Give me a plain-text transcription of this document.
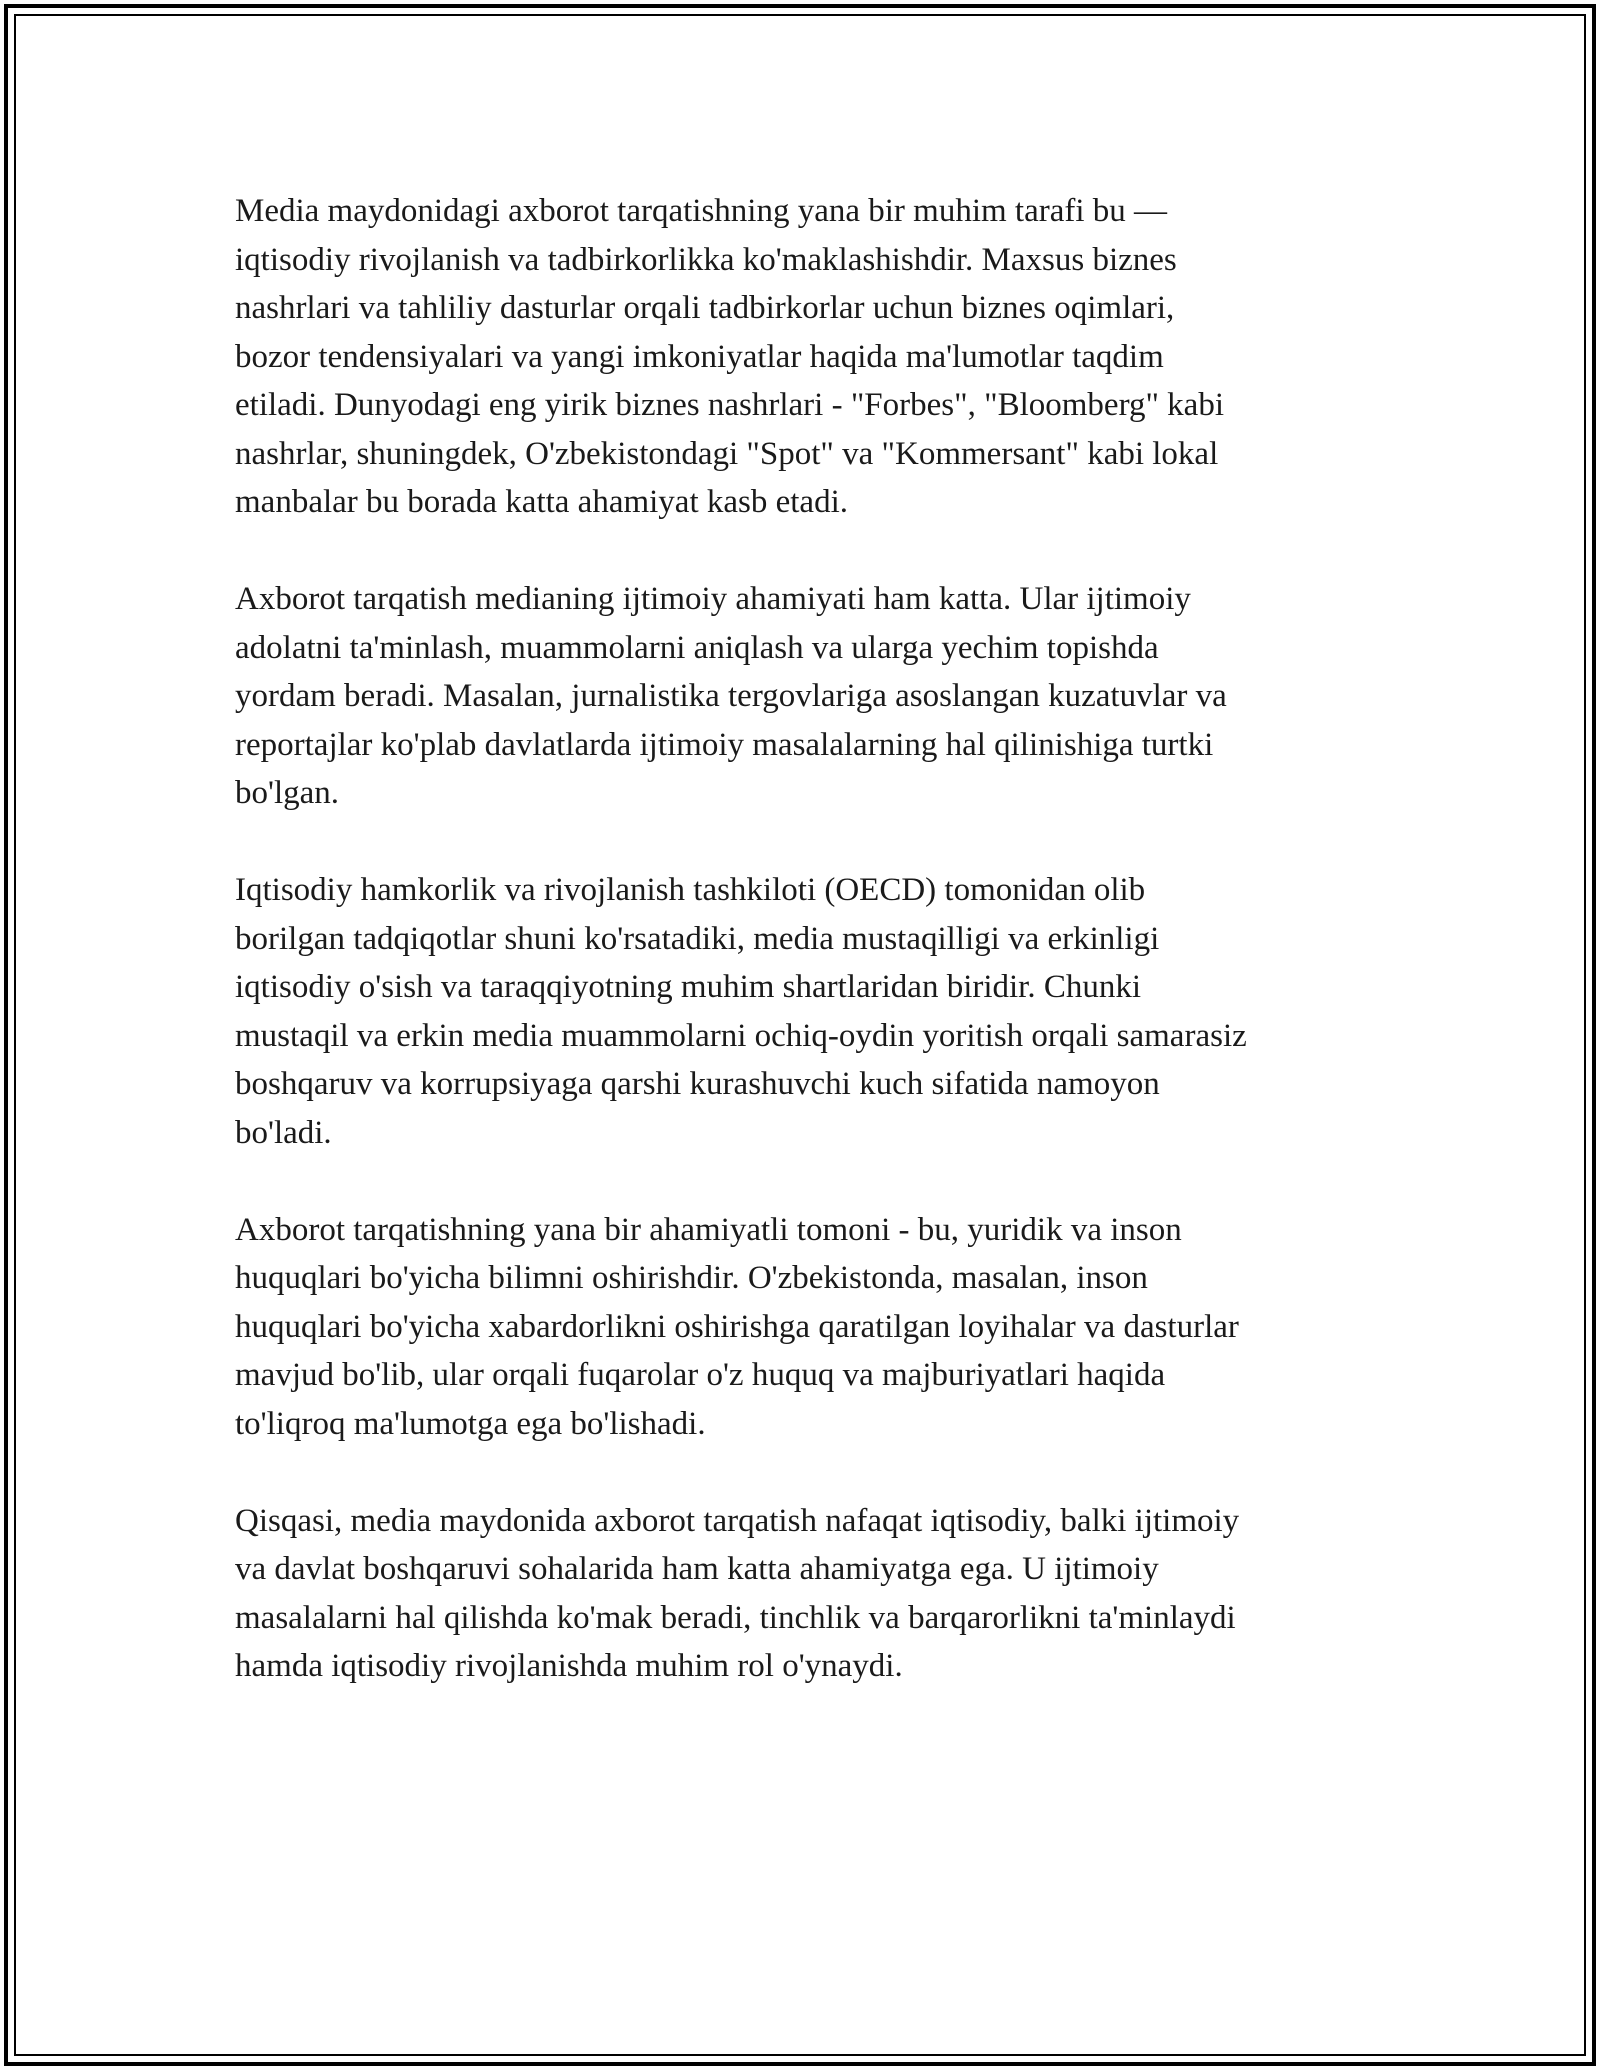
Media maydonidagi axborot tarqatishning yana bir muhim tarafi bu —
iqtisodiy rivojlanish va tadbirkorlikka ko'maklashishdir. Maxsus biznes
nashrlari va tahliliy dasturlar orqali tadbirkorlar uchun biznes oqimlari,
bozor tendensiyalari va yangi imkoniyatlar haqida ma'lumotlar taqdim
etiladi. Dunyodagi eng yirik biznes nashrlari - "Forbes", "Bloomberg" kabi
nashrlar, shuningdek, O'zbekistondagi "Spot" va "Kommersant" kabi lokal
manbalar bu borada katta ahamiyat kasb etadi.

Axborot tarqatish medianing ijtimoiy ahamiyati ham katta. Ular ijtimoiy
adolatni ta'minlash, muammolarni aniqlash va ularga yechim topishda
yordam beradi. Masalan, jurnalistika tergovlariga asoslangan kuzatuvlar va
reportajlar ko'plab davlatlarda ijtimoiy masalalarning hal qilinishiga turtki
bo'lgan.

Iqtisodiy hamkorlik va rivojlanish tashkiloti (OECD) tomonidan olib
borilgan tadqiqotlar shuni ko'rsatadiki, media mustaqilligi va erkinligi
iqtisodiy o'sish va taraqqiyotning muhim shartlaridan biridir. Chunki
mustaqil va erkin media muammolarni ochiq-oydin yoritish orqali samarasiz
boshqaruv va korrupsiyaga qarshi kurashuvchi kuch sifatida namoyon
bo'ladi.

Axborot tarqatishning yana bir ahamiyatli tomoni - bu, yuridik va inson
huquqlari bo'yicha bilimni oshirishdir. O'zbekistonda, masalan, inson
huquqlari bo'yicha xabardorlikni oshirishga qaratilgan loyihalar va dasturlar
mavjud bo'lib, ular orqali fuqarolar o'z huquq va majburiyatlari haqida
to'liqroq ma'lumotga ega bo'lishadi.

Qisqasi, media maydonida axborot tarqatish nafaqat iqtisodiy, balki ijtimoiy
va davlat boshqaruvi sohalarida ham katta ahamiyatga ega. U ijtimoiy
masalalarni hal qilishda ko'mak beradi, tinchlik va barqarorlikni ta'minlaydi
hamda iqtisodiy rivojlanishda muhim rol o'ynaydi.
